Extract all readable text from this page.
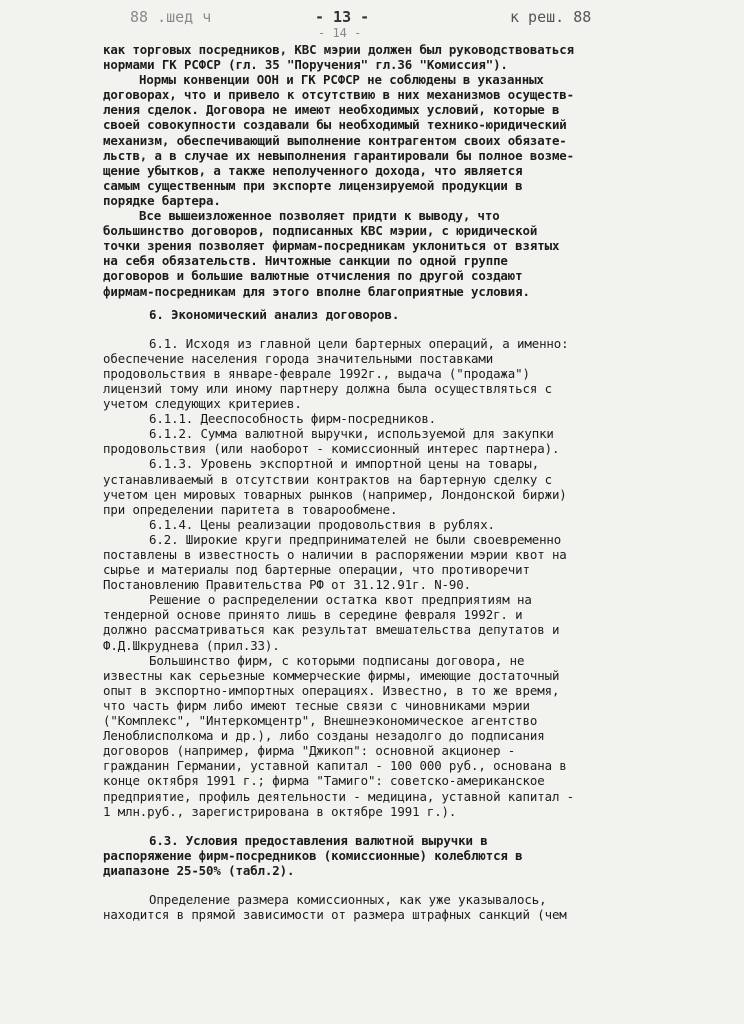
88 .шед ч	- 13 -	к реш. 88
- 14 -
как торговых посредников, КВС мэрии должен был руководствоваться
нормами ГК РСФСР (гл. 35 "Поручения" гл.36 "Комиссия").
Нормы конвенции ООН и ГК РСФСР не соблюдены в указанных
договорах, что и привело к отсутствию в них механизмов осуществ-
ления сделок. Договора не имеют необходимых условий, которые в
своей совокупности создавали бы необходимый технико-юридический
механизм, обеспечивающий выполнение контрагентом своих обязате-
льств, а в случае их невыполнения гарантировали бы полное возме-
щение убытков, а также неполученного дохода, что является
самым существенным при экспорте лицензируемой продукции в
порядке бартера.
Все вышеизложенное позволяет придти к выводу, что
большинство договоров, подписанных КВС мэрии, с юридической
точки зрения позволяет фирмам-посредникам уклониться от взятых
на себя обязательств. Ничтожные санкции по одной группе
договоров и большие валютные отчисления по другой создают
фирмам-посредникам для этого вполне благоприятные условия.
6. Экономический анализ договоров.
6.1. Исходя из главной цели бартерных операций, а именно:
обеспечение населения города значительными поставками
продовольствия в январе-феврале 1992г., выдача ("продажа")
лицензий тому или иному партнеру должна была осуществляться с
учетом следующих критериев.
6.1.1. Дееспособность фирм-посредников.
6.1.2. Сумма валютной выручки, используемой для закупки
продовольствия (или наоборот - комиссионный интерес партнера).
6.1.3. Уровень экспортной и импортной цены на товары,
устанавливаемый в отсутствии контрактов на бартерную сделку с
учетом цен мировых товарных рынков (например, Лондонской биржи)
при определении паритета в товарообмене.
6.1.4. Цены реализации продовольствия в рублях.
6.2. Широкие круги предпринимателей не были своевременно
поставлены в известность о наличии в распоряжении мэрии квот на
сырье и материалы под бартерные операции, что противоречит
Постановлению Правительства РФ от 31.12.91г. N-90.
Решение о распределении остатка квот предприятиям на
тендерной основе принято лишь в середине февраля 1992г. и
должно рассматриваться как результат вмешательства депутатов и
Ф.Д.Шкруднева (прил.33).
Большинство фирм, с которыми подписаны договора, не
известны как серьезные коммерческие фирмы, имеющие достаточный
опыт в экспортно-импортных операциях. Известно, в то же время,
что часть фирм либо имеют тесные связи с чиновниками мэрии
("Комплекс", "Интеркомцентр", Внешнеэкономическое агентство
Леноблисполкома и др.), либо созданы незадолго до подписания
договоров (например, фирма "Джикоп": основной акционер -
гражданин Германии, уставной капитал - 100 000 руб., основана в
конце октября 1991 г.; фирма "Тамиго": советско-американское
предприятие, профиль деятельности - медицина, уставной капитал -
1 млн.руб., зарегистрирована в октябре 1991 г.).
6.3. Условия предоставления валютной выручки в
распоряжение фирм-посредников (комиссионные) колеблются в
диапазоне 25-50% (табл.2).
Определение размера комиссионных, как уже указывалось,
находится в прямой зависимости от размера штрафных санкций (чем
